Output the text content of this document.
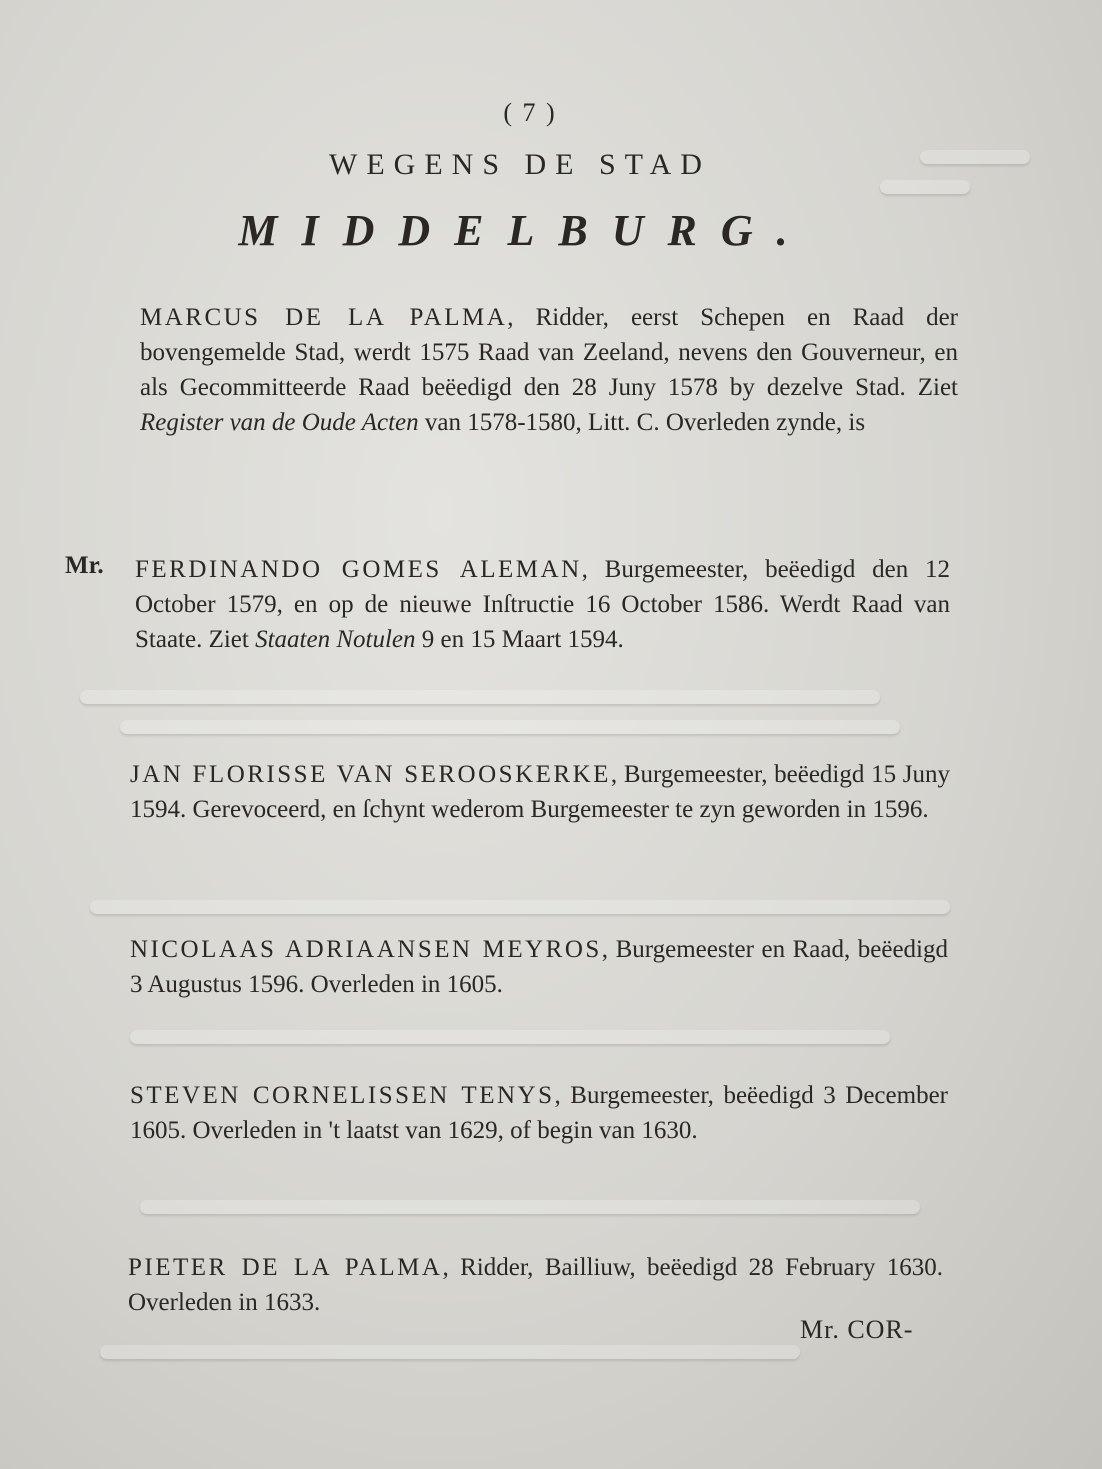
( 7 )
WEGENS DE STAD
MIDDELBURG.
MARCUS DE LA PALMA, Ridder, eerst Schepen en Raad der bovengemelde Stad, werdt 1575 Raad van Zeeland, nevens den Gouverneur, en als Gecommitteerde Raad beëedigd den 28 Juny 1578 by dezelve Stad. Ziet Register van de Oude Acten van 1578-1580, Litt. C. Overleden zynde, is
Mr. FERDINANDO GOMES ALEMAN, Burgemeester, beëedigd den 12 October 1579, en op de nieuwe Inſtructie 16 October 1586. Werdt Raad van Staate. Ziet Staaten Notulen 9 en 15 Maart 1594.
JAN FLORISSE VAN SEROOSKERKE, Burgemeester, beëedigd 15 Juny 1594. Gerevoceerd, en ſchynt wederom Burgemeester te zyn geworden in 1596.
NICOLAAS ADRIAANSEN MEYROS, Burgemeester en Raad, beëedigd 3 Augustus 1596. Overleden in 1605.
STEVEN CORNELISSEN TENYS, Burgemeester, beëedigd 3 December 1605. Overleden in 't laatst van 1629, of begin van 1630.
PIETER DE LA PALMA, Ridder, Bailliuw, beëedigd 28 February 1630. Overleden in 1633.
Mr. COR-
